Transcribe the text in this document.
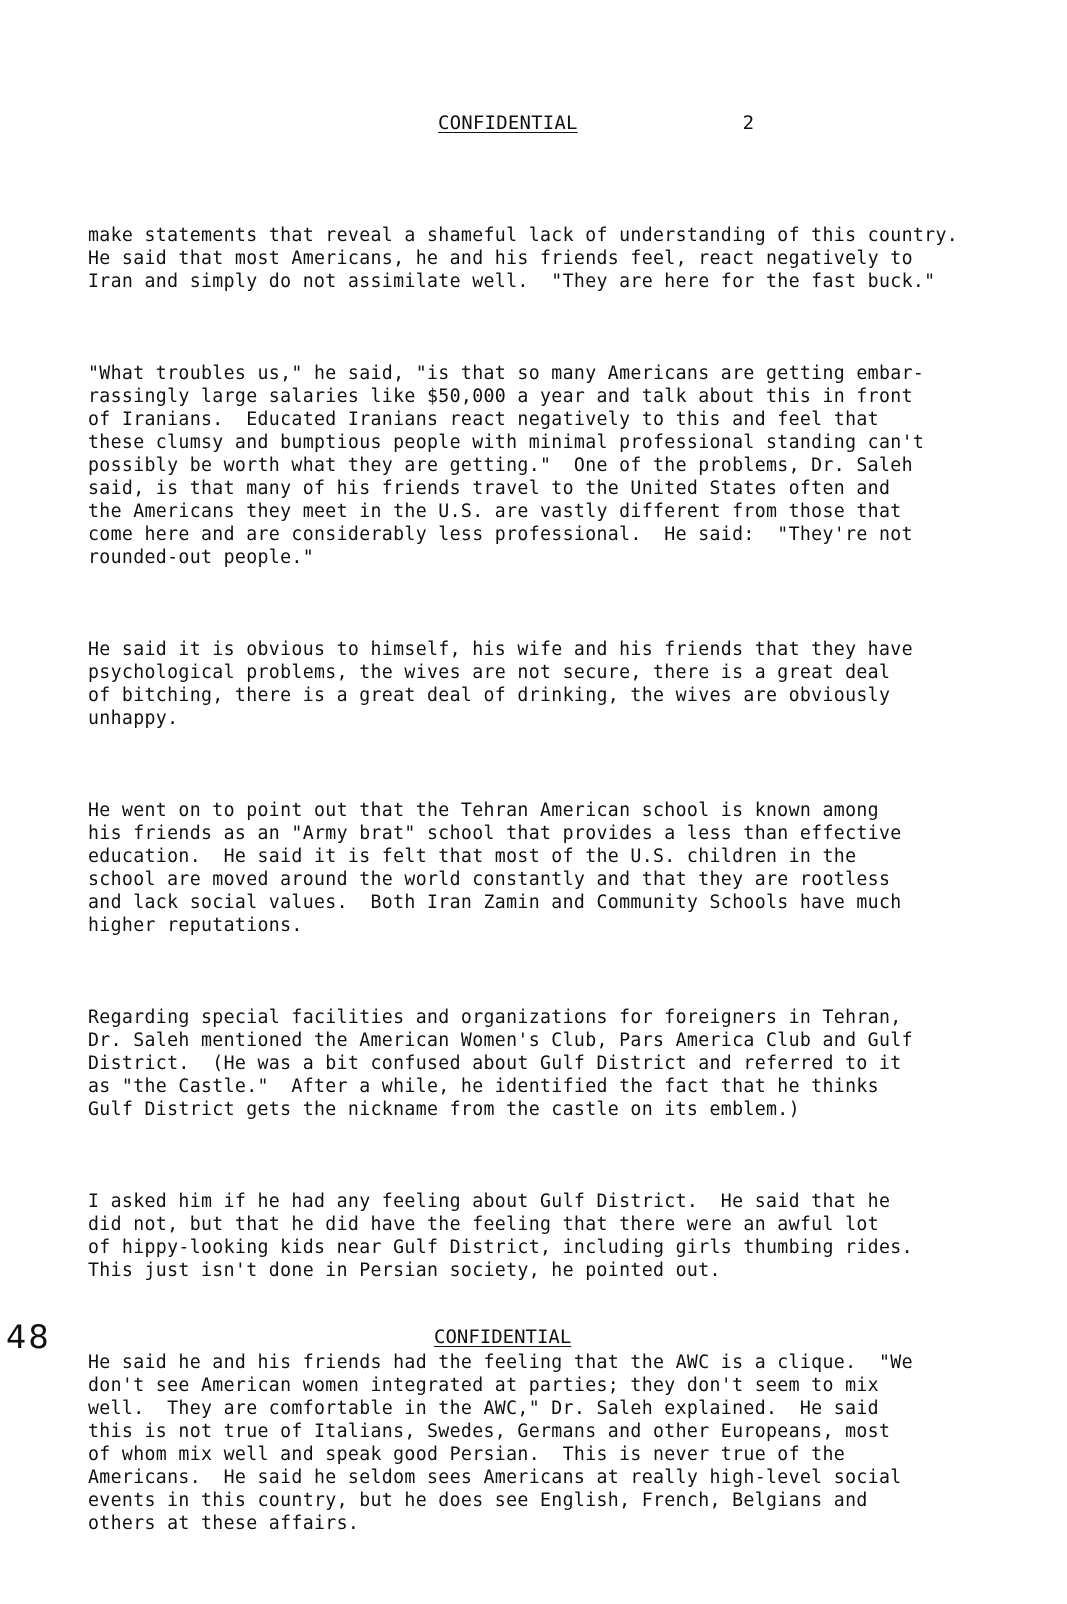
CONFIDENTIAL	2

make statements that reveal a shameful lack of understanding of this country.
He said that most Americans, he and his friends feel, react negatively to
Iran and simply do not assimilate well.  "They are here for the fast buck."

"What troubles us," he said, "is that so many Americans are getting embar-
rassingly large salaries like $50,000 a year and talk about this in front
of Iranians.  Educated Iranians react negatively to this and feel that
these clumsy and bumptious people with minimal professional standing can't
possibly be worth what they are getting."  One of the problems, Dr. Saleh
said, is that many of his friends travel to the United States often and
the Americans they meet in the U.S. are vastly different from those that
come here and are considerably less professional.  He said:  "They're not
rounded-out people."

He said it is obvious to himself, his wife and his friends that they have
psychological problems, the wives are not secure, there is a great deal
of bitching, there is a great deal of drinking, the wives are obviously
unhappy.

He went on to point out that the Tehran American school is known among
his friends as an "Army brat" school that provides a less than effective
education.  He said it is felt that most of the U.S. children in the
school are moved around the world constantly and that they are rootless
and lack social values.  Both Iran Zamin and Community Schools have much
higher reputations.

Regarding special facilities and organizations for foreigners in Tehran,
Dr. Saleh mentioned the American Women's Club, Pars America Club and Gulf
District.  (He was a bit confused about Gulf District and referred to it
as "the Castle."  After a while, he identified the fact that he thinks
Gulf District gets the nickname from the castle on its emblem.)

I asked him if he had any feeling about Gulf District.  He said that he
did not, but that he did have the feeling that there were an awful lot
of hippy-looking kids near Gulf District, including girls thumbing rides.
This just isn't done in Persian society, he pointed out.

He said he and his friends had the feeling that the AWC is a clique.  "We
don't see American women integrated at parties; they don't seem to mix
well.  They are comfortable in the AWC," Dr. Saleh explained.  He said
this is not true of Italians, Swedes, Germans and other Europeans, most
of whom mix well and speak good Persian.  This is never true of the
Americans.  He said he seldom sees Americans at really high-level social
events in this country, but he does see English, French, Belgians and
others at these affairs.

48	CONFIDENTIAL
